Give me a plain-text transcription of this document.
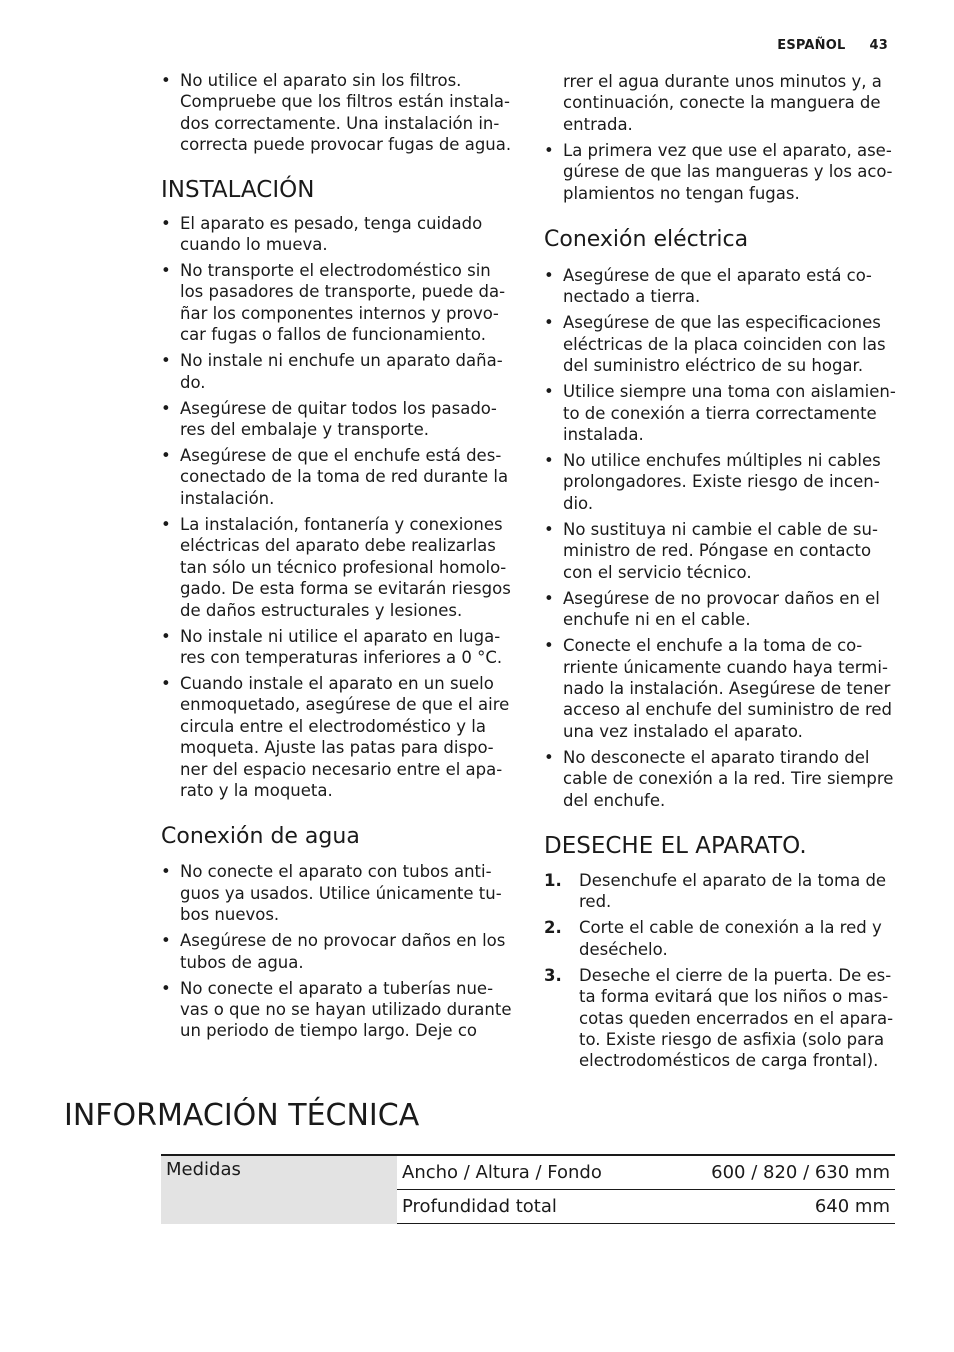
ESPAÑOL 43
• No utilice el aparato sin los filtros. Compruebe que los filtros están instalados correctamente. Una instalación incorrecta puede provocar fugas de agua.
INSTALACIÓN
• El aparato es pesado, tenga cuidado cuando lo mueva.
• No transporte el electrodoméstico sin los pasadores de transporte, puede dañar los componentes internos y provocar fugas o fallos de funcionamiento.
• No instale ni enchufe un aparato dañado.
• Asegúrese de quitar todos los pasadores del embalaje y transporte.
• Asegúrese de que el enchufe está desconectado de la toma de red durante la instalación.
• La instalación, fontanería y conexiones eléctricas del aparato debe realizarlas tan sólo un técnico profesional homologado. De esta forma se evitarán riesgos de daños estructurales y lesiones.
• No instale ni utilice el aparato en lugares con temperaturas inferiores a 0 °C.
• Cuando instale el aparato en un suelo enmoquetado, asegúrese de que el aire circula entre el electrodoméstico y la moqueta. Ajuste las patas para disponer del espacio necesario entre el aparato y la moqueta.
Conexión de agua
• No conecte el aparato con tubos antiguos ya usados. Utilice únicamente tubos nuevos.
• Asegúrese de no provocar daños en los tubos de agua.
• No conecte el aparato a tuberías nuevas o que no se hayan utilizado durante un periodo de tiempo largo. Deje co
rrer el agua durante unos minutos y, a continuación, conecte la manguera de entrada.
• La primera vez que use el aparato, asegúrese de que las mangueras y los acoplamientos no tengan fugas.
Conexión eléctrica
• Asegúrese de que el aparato está conectado a tierra.
• Asegúrese de que las especificaciones eléctricas de la placa coinciden con las del suministro eléctrico de su hogar.
• Utilice siempre una toma con aislamiento de conexión a tierra correctamente instalada.
• No utilice enchufes múltiples ni cables prolongadores. Existe riesgo de incendio.
• No sustituya ni cambie el cable de suministro de red. Póngase en contacto con el servicio técnico.
• Asegúrese de no provocar daños en el enchufe ni en el cable.
• Conecte el enchufe a la toma de corriente únicamente cuando haya terminado la instalación. Asegúrese de tener acceso al enchufe del suministro de red una vez instalado el aparato.
• No desconecte el aparato tirando del cable de conexión a la red. Tire siempre del enchufe.
DESECHE EL APARATO.
1. Desenchufe el aparato de la toma de red.
2. Corte el cable de conexión a la red y deséchelo.
3. Deseche el cierre de la puerta. De esta forma evitará que los niños o mascotas queden encerrados en el aparato. Existe riesgo de asfixia (solo para electrodomésticos de carga frontal).
INFORMACIÓN TÉCNICA
Medidas	Ancho / Altura / Fondo	600 / 820 / 630 mm
	Profundidad total	640 mm
